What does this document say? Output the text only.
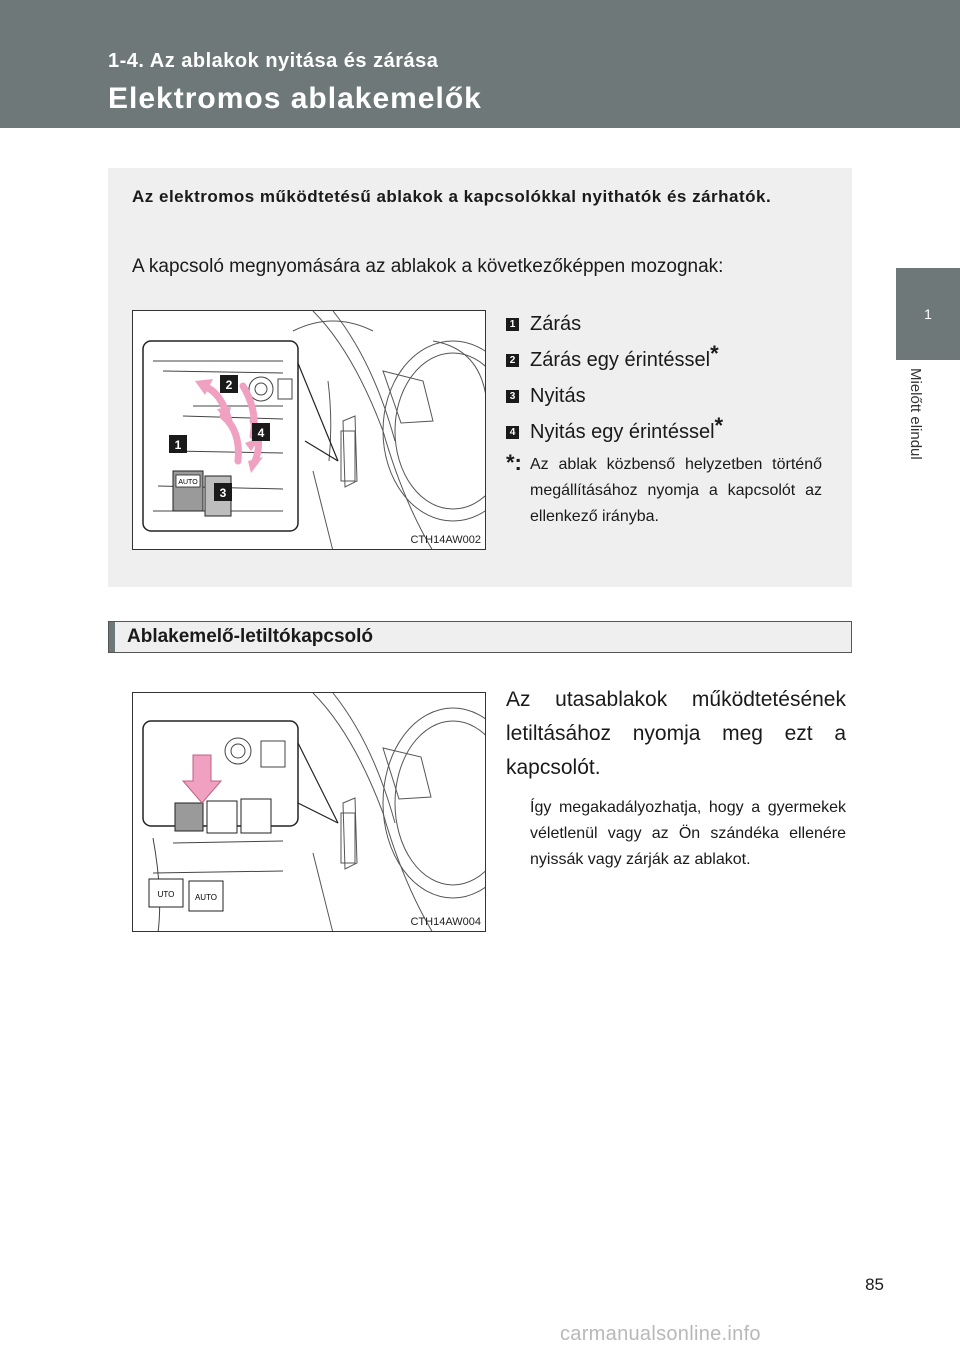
1-4. Az ablakok nyitása és zárása
Elektromos ablakemelők
1
Mielőtt elindul
Az elektromos működtetésű ablakok a kapcsolókkal nyithatók és zárhatók.
A kapcsoló megnyomására az ablakok a következőképpen mozognak:
AUTO
2
1
4
3
CTH14AW002
1 Zárás
2 Zárás egy érintéssel*
3 Nyitás
4 Nyitás egy érintéssel*
*: Az ablak közbenső helyzetben történő megállításához nyomja a kapcsolót az ellenkező irányba.
Ablakemelő-letiltókapcsoló
UTO	AUTO
CTH14AW004
Az utasablakok működtetésének letiltásához nyomja meg ezt a kapcsolót.
Így megakadályozhatja, hogy a gyermekek véletlenül vagy az Ön szándéka ellenére nyissák vagy zárják az ablakot.
85
carmanualsonline.info
